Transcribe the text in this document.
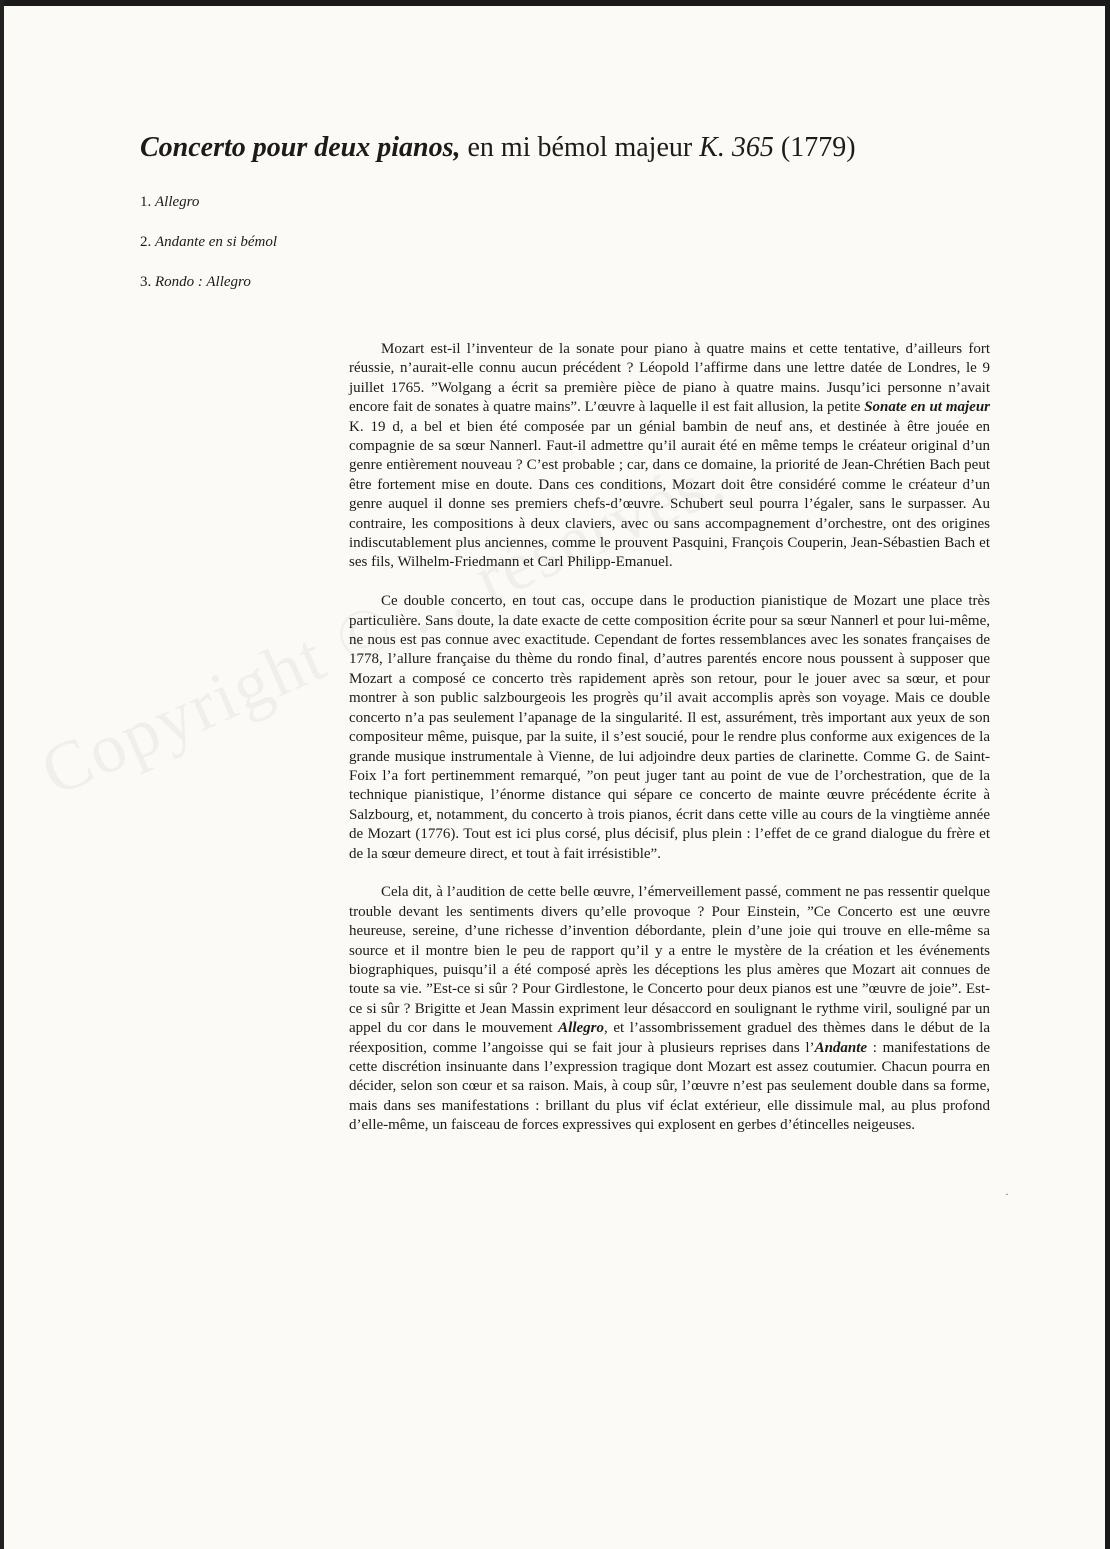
Concerto pour deux pianos, en mi bémol majeur K. 365 (1779)
1. Allegro
2. Andante en si bémol
3. Rondo : Allegro

Mozart est-il l’inventeur de la sonate pour piano à quatre mains et cette tentative, d’ailleurs fort réussie, n’aurait-elle connu aucun précédent ? Léopold l’affirme dans une lettre datée de Londres, le 9 juillet 1765. ”Wolgang a écrit sa première pièce de piano à quatre mains. Jusqu’ici personne n’avait encore fait de sonates à quatre mains”. L’œuvre à laquelle il est fait allusion, la petite Sonate en ut majeur K. 19 d, a bel et bien été composée par un génial bambin de neuf ans, et destinée à être jouée en compagnie de sa sœur Nannerl. Faut-il admettre qu’il aurait été en même temps le créateur original d’un genre entièrement nouveau ? C’est probable ; car, dans ce domaine, la priorité de Jean-Chrétien Bach peut être fortement mise en doute. Dans ces conditions, Mozart doit être considéré comme le créateur d’un genre auquel il donne ses premiers chefs-d’œuvre. Schubert seul pourra l’égaler, sans le surpasser. Au contraire, les compositions à deux claviers, avec ou sans accompagnement d’orchestre, ont des origines indiscutablement plus anciennes, comme le prouvent Pasquini, François Couperin, Jean-Sébastien Bach et ses fils, Wilhelm-Friedmann et Carl Philipp-Emanuel.

Ce double concerto, en tout cas, occupe dans le production pianistique de Mozart une place très particulière. Sans doute, la date exacte de cette composition écrite pour sa sœur Nannerl et pour lui-même, ne nous est pas connue avec exactitude. Cependant de fortes ressemblances avec les sonates françaises de 1778, l’allure française du thème du rondo final, d’autres parentés encore nous poussent à supposer que Mozart a composé ce concerto très rapidement après son retour, pour le jouer avec sa sœur, et pour montrer à son public salzbourgeois les progrès qu’il avait accomplis après son voyage. Mais ce double concerto n’a pas seulement l’apanage de la singularité. Il est, assurément, très important aux yeux de son compositeur même, puisque, par la suite, il s’est soucié, pour le rendre plus conforme aux exigences de la grande musique instrumentale à Vienne, de lui adjoindre deux parties de clarinette. Comme G. de Saint-Foix l’a fort pertinemment remarqué, ”on peut juger tant au point de vue de l’orchestration, que de la technique pianistique, l’énorme distance qui sépare ce concerto de mainte œuvre précédente écrite à Salzbourg, et, notamment, du concerto à trois pianos, écrit dans cette ville au cours de la vingtième année de Mozart (1776). Tout est ici plus corsé, plus décisif, plus plein : l’effet de ce grand dialogue du frère et de la sœur demeure direct, et tout à fait irrésistible”.

Cela dit, à l’audition de cette belle œuvre, l’émerveillement passé, comment ne pas ressentir quelque trouble devant les sentiments divers qu’elle provoque ? Pour Einstein, ”Ce Concerto est une œuvre heureuse, sereine, d’une richesse d’invention débordante, plein d’une joie qui trouve en elle-même sa source et il montre bien le peu de rapport qu’il y a entre le mystère de la création et les événements biographiques, puisqu’il a été composé après les déceptions les plus amères que Mozart ait connues de toute sa vie. ”Est-ce si sûr ? Pour Girdlestone, le Concerto pour deux pianos est une ”œuvre de joie”. Est-ce si sûr ? Brigitte et Jean Massin expriment leur désaccord en soulignant le rythme viril, souligné par un appel du cor dans le mouvement Allegro, et l’assombrissement graduel des thèmes dans le début de la réexposition, comme l’angoisse qui se fait jour à plusieurs reprises dans l’Andante : manifestations de cette discrétion insinuante dans l’expression tragique dont Mozart est assez coutumier. Chacun pourra en décider, selon son cœur et sa raison. Mais, à coup sûr, l’œuvre n’est pas seulement double dans sa forme, mais dans ses manifestations : brillant du plus vif éclat extérieur, elle dissimule mal, au plus profond d’elle-même, un faisceau de forces expressives qui explosent en gerbes d’étincelles neigeuses.

·
